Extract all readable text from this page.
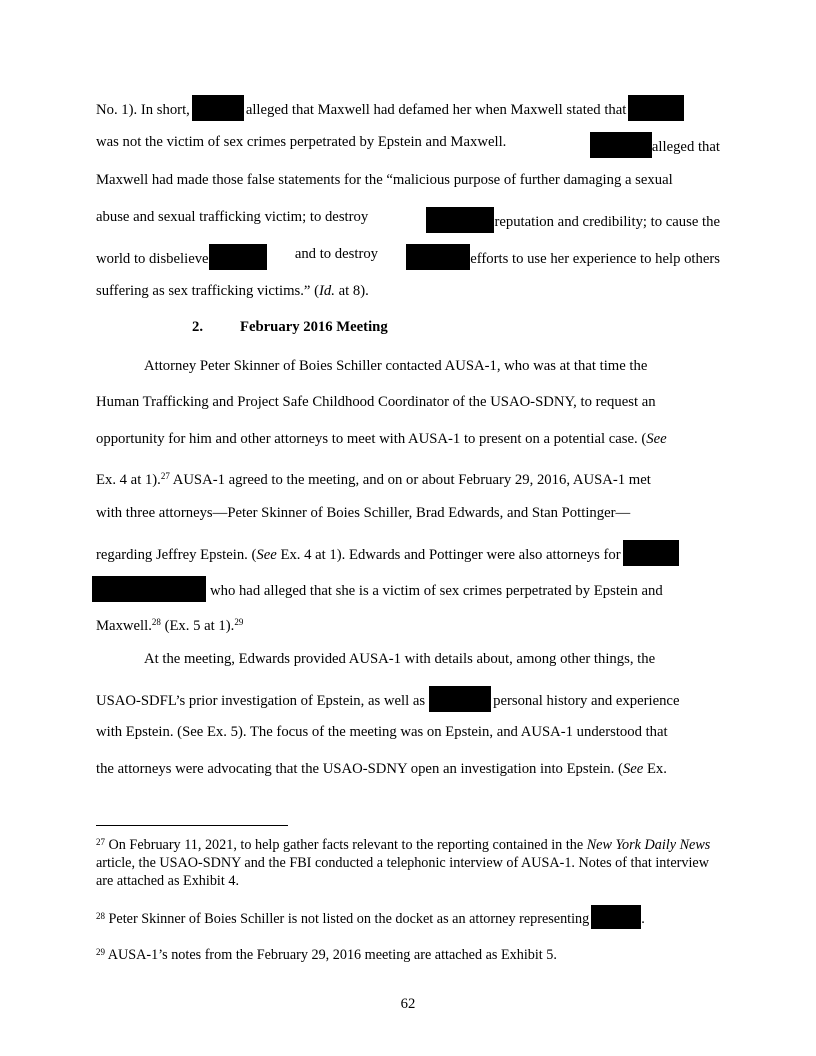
No. 1). In short,	alleged that Maxwell had defamed her when Maxwell stated that
was not the victim of sex crimes perpetrated by Epstein and Maxwell.	alleged that
Maxwell had made those false statements for the “malicious purpose of further damaging a sexual
abuse and sexual trafficking victim; to destroy	reputation and credibility; to cause the
world to disbelieve	and to destroy	efforts to use her experience to help others
suffering as sex trafficking victims.” (Id. at 8).
2.	February 2016 Meeting
Attorney Peter Skinner of Boies Schiller contacted AUSA-1, who was at that time the
Human Trafficking and Project Safe Childhood Coordinator of the USAO-SDNY, to request an
opportunity for him and other attorneys to meet with AUSA-1 to present on a potential case. (See
Ex. 4 at 1).$^{27}$ AUSA-1 agreed to the meeting, and on or about February 29, 2016, AUSA-1 met
with three attorneys—Peter Skinner of Boies Schiller, Brad Edwards, and Stan Pottinger—
regarding Jeffrey Epstein. (See Ex. 4 at 1). Edwards and Pottinger were also attorneys for
who had alleged that she is a victim of sex crimes perpetrated by Epstein and
Maxwell.$^{28}$ (Ex. 5 at 1).$^{29}$
At the meeting, Edwards provided AUSA-1 with details about, among other things, the
USAO-SDFL’s prior investigation of Epstein, as well as	personal history and experience
with Epstein. (See Ex. 5). The focus of the meeting was on Epstein, and AUSA-1 understood that
the attorneys were advocating that the USAO-SDNY open an investigation into Epstein. (See Ex.
$^{27}$ On February 11, 2021, to help gather facts relevant to the reporting contained in the New York Daily News article, the USAO-SDNY and the FBI conducted a telephonic interview of AUSA-1. Notes of that interview are attached as Exhibit 4.
$^{28}$ Peter Skinner of Boies Schiller is not listed on the docket as an attorney representing	.
$^{29}$ AUSA-1’s notes from the February 29, 2016 meeting are attached as Exhibit 5.
62
